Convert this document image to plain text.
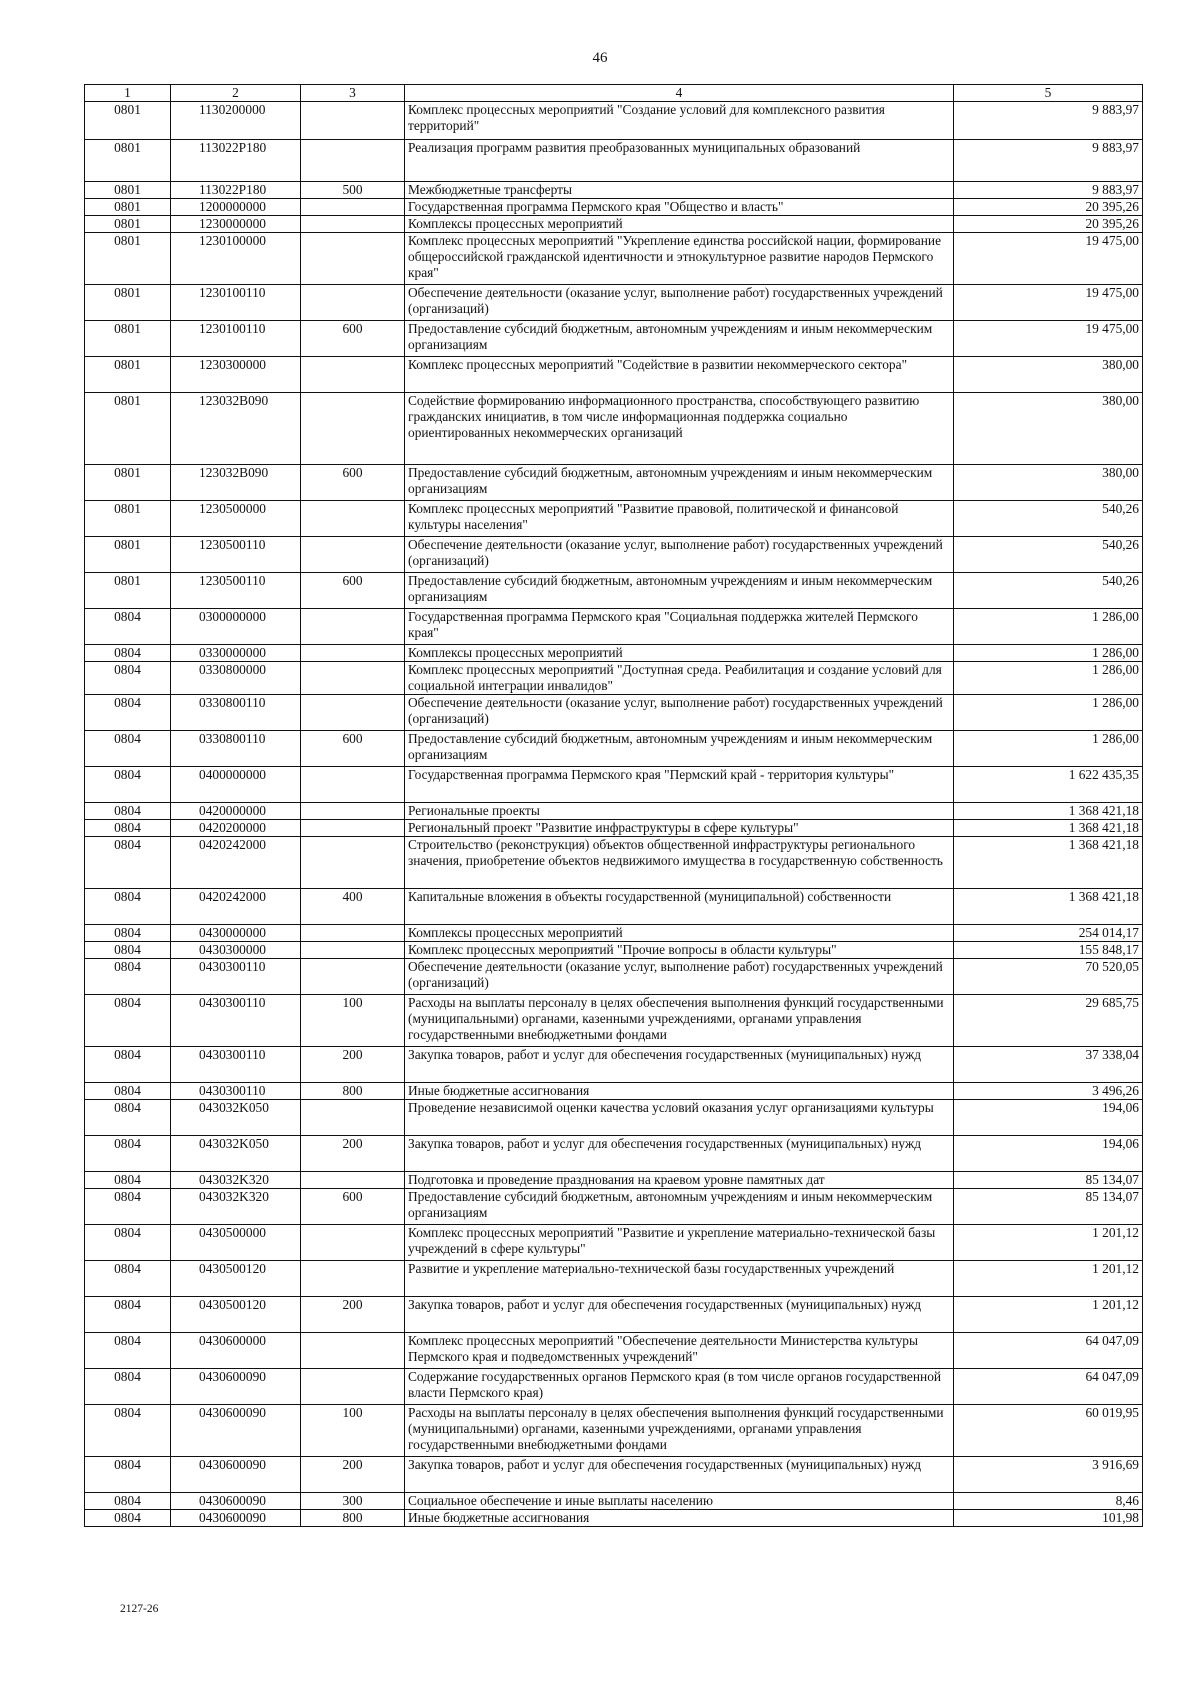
46
1	2	3	4	5
0801	1130200000		Комплекс процессных мероприятий "Создание условий для комплексного развития территорий"	9 883,97
0801	113022P180		Реализация программ развития преобразованных муниципальных образований	9 883,97
0801	113022P180	500	Межбюджетные трансферты	9 883,97
0801	1200000000		Государственная программа Пермского края "Общество и власть"	20 395,26
0801	1230000000		Комплексы процессных мероприятий	20 395,26
0801	1230100000		Комплекс процессных мероприятий "Укрепление единства российской нации, формирование общероссийской гражданской идентичности и этнокультурное развитие народов Пермского края"	19 475,00
0801	1230100110		Обеспечение деятельности (оказание услуг, выполнение работ) государственных учреждений (организаций)	19 475,00
0801	1230100110	600	Предоставление субсидий бюджетным, автономным учреждениям и иным некоммерческим организациям	19 475,00
0801	1230300000		Комплекс процессных мероприятий "Содействие в развитии некоммерческого сектора"	380,00
0801	123032B090		Содействие формированию информационного пространства, способствующего развитию гражданских инициатив, в том числе информационная поддержка социально ориентированных некоммерческих организаций	380,00
0801	123032B090	600	Предоставление субсидий бюджетным, автономным учреждениям и иным некоммерческим организациям	380,00
0801	1230500000		Комплекс процессных мероприятий "Развитие правовой, политической и финансовой культуры населения"	540,26
0801	1230500110		Обеспечение деятельности (оказание услуг, выполнение работ) государственных учреждений (организаций)	540,26
0801	1230500110	600	Предоставление субсидий бюджетным, автономным учреждениям и иным некоммерческим организациям	540,26
0804	0300000000		Государственная программа Пермского края "Социальная поддержка жителей Пермского края"	1 286,00
0804	0330000000		Комплексы процессных мероприятий	1 286,00
0804	0330800000		Комплекс процессных мероприятий "Доступная среда. Реабилитация и создание условий для социальной интеграции инвалидов"	1 286,00
0804	0330800110		Обеспечение деятельности (оказание услуг, выполнение работ) государственных учреждений (организаций)	1 286,00
0804	0330800110	600	Предоставление субсидий бюджетным, автономным учреждениям и иным некоммерческим организациям	1 286,00
0804	0400000000		Государственная программа Пермского края "Пермский край - территория культуры"	1 622 435,35
0804	0420000000		Региональные проекты	1 368 421,18
0804	0420200000		Региональный проект "Развитие инфраструктуры в сфере культуры"	1 368 421,18
0804	0420242000		Строительство (реконструкция) объектов общественной инфраструктуры регионального значения, приобретение объектов недвижимого имущества в государственную собственность	1 368 421,18
0804	0420242000	400	Капитальные вложения в объекты государственной (муниципальной) собственности	1 368 421,18
0804	0430000000		Комплексы процессных мероприятий	254 014,17
0804	0430300000		Комплекс процессных мероприятий "Прочие вопросы в области культуры"	155 848,17
0804	0430300110		Обеспечение деятельности (оказание услуг, выполнение работ) государственных учреждений (организаций)	70 520,05
0804	0430300110	100	Расходы на выплаты персоналу в целях обеспечения выполнения функций государственными (муниципальными) органами, казенными учреждениями, органами управления государственными внебюджетными фондами	29 685,75
0804	0430300110	200	Закупка товаров, работ и услуг для обеспечения государственных (муниципальных) нужд	37 338,04
0804	0430300110	800	Иные бюджетные ассигнования	3 496,26
0804	043032K050		Проведение независимой оценки качества условий оказания услуг организациями культуры	194,06
0804	043032K050	200	Закупка товаров, работ и услуг для обеспечения государственных (муниципальных) нужд	194,06
0804	043032K320		Подготовка и проведение празднования на краевом уровне памятных дат	85 134,07
0804	043032K320	600	Предоставление субсидий бюджетным, автономным учреждениям и иным некоммерческим организациям	85 134,07
0804	0430500000		Комплекс процессных мероприятий "Развитие и укрепление материально-технической базы учреждений в сфере культуры"	1 201,12
0804	0430500120		Развитие и укрепление материально-технической базы государственных учреждений	1 201,12
0804	0430500120	200	Закупка товаров, работ и услуг для обеспечения государственных (муниципальных) нужд	1 201,12
0804	0430600000		Комплекс процессных мероприятий "Обеспечение деятельности Министерства культуры Пермского края и подведомственных учреждений"	64 047,09
0804	0430600090		Содержание государственных органов Пермского края (в том числе органов государственной власти Пермского края)	64 047,09
0804	0430600090	100	Расходы на выплаты персоналу в целях обеспечения выполнения функций государственными (муниципальными) органами, казенными учреждениями, органами управления государственными внебюджетными фондами	60 019,95
0804	0430600090	200	Закупка товаров, работ и услуг для обеспечения государственных (муниципальных) нужд	3 916,69
0804	0430600090	300	Социальное обеспечение и иные выплаты населению	8,46
0804	0430600090	800	Иные бюджетные ассигнования	101,98
2127-26
